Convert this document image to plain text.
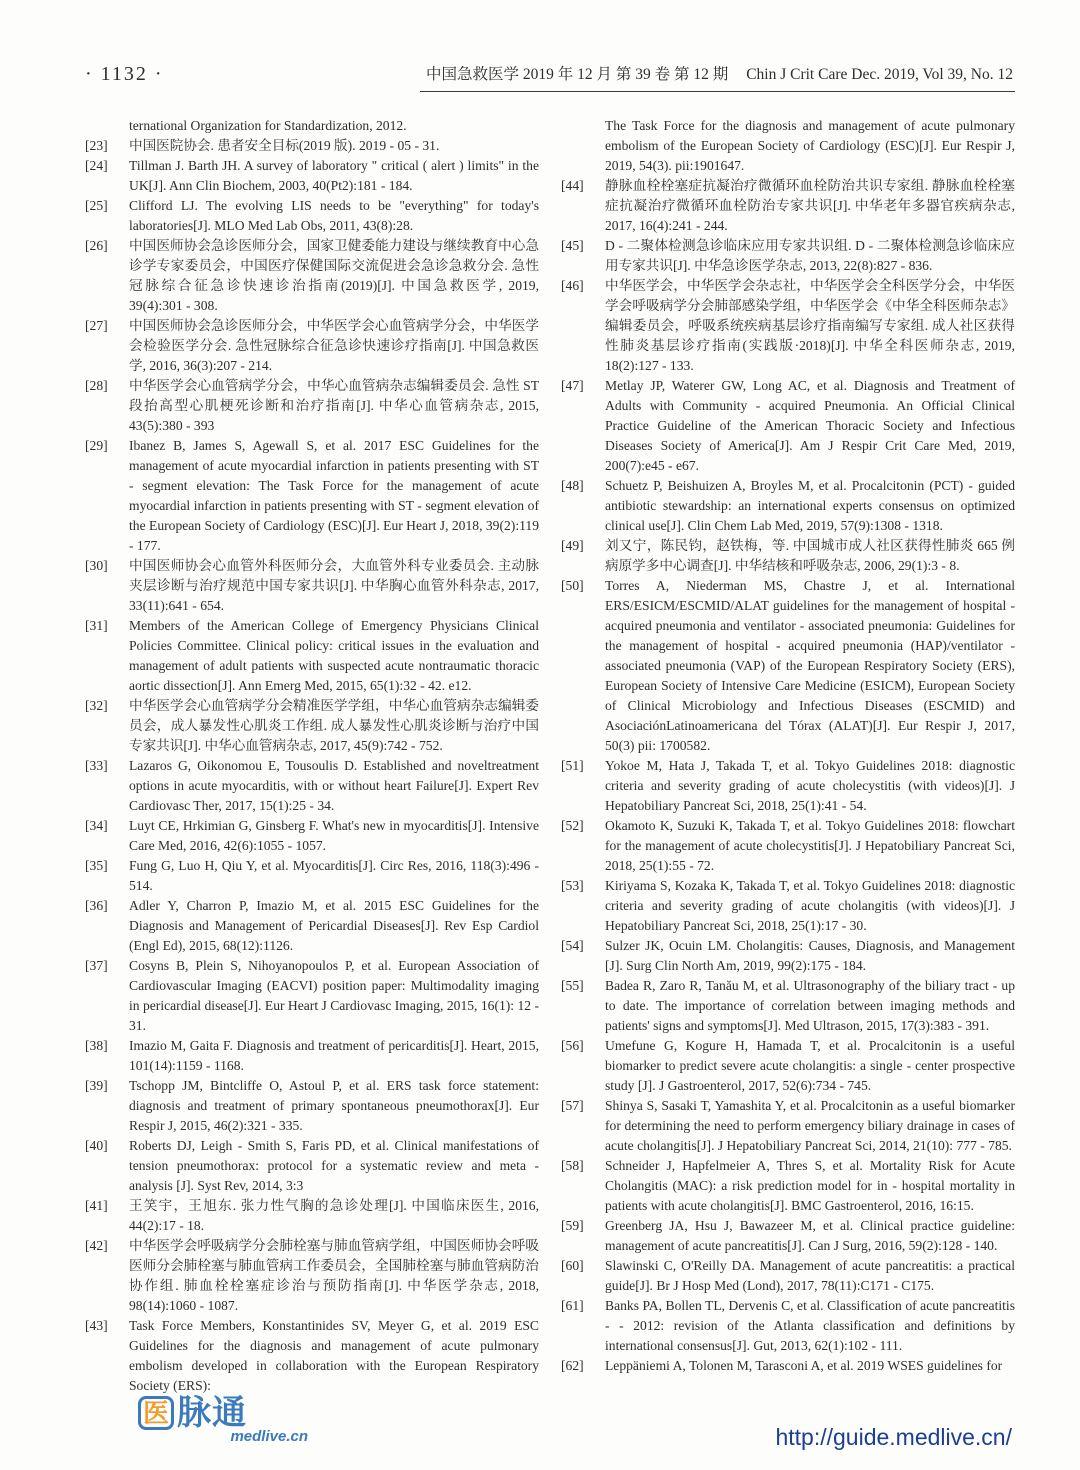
· 1132 ·	中国急救医学 2019 年 12 月 第 39 卷 第 12 期 Chin J Crit Care Dec. 2019, Vol 39, No. 12
ternational Organization for Standardization, 2012.
[23]	中国医院协会. 患者安全目标(2019 版). 2019 - 05 - 31.
[24]	Tillman J. Barth JH. A survey of laboratory " critical ( alert ) limits" in the UK[J]. Ann Clin Biochem, 2003, 40(Pt2):181 - 184.
[25]	Clifford LJ. The evolving LIS needs to be "everything" for today's laboratories[J]. MLO Med Lab Obs, 2011, 43(8):28.
[26]	中国医师协会急诊医师分会，国家卫健委能力建设与继续教育中心急诊学专家委员会，中国医疗保健国际交流促进会急诊急救分会. 急性冠脉综合征急诊快速诊治指南(2019)[J]. 中国急救医学, 2019, 39(4):301 - 308.
[27]	中国医师协会急诊医师分会，中华医学会心血管病学分会，中华医学会检验医学分会. 急性冠脉综合征急诊快速诊疗指南[J]. 中国急救医学, 2016, 36(3):207 - 214.
[28]	中华医学会心血管病学分会，中华心血管病杂志编辑委员会. 急性 ST 段抬高型心肌梗死诊断和治疗指南[J]. 中华心血管病杂志, 2015, 43(5):380 - 393
[29]	Ibanez B, James S, Agewall S, et al. 2017 ESC Guidelines for the management of acute myocardial infarction in patients presenting with ST - segment elevation: The Task Force for the management of acute myocardial infarction in patients presenting with ST - segment elevation of the European Society of Cardiology (ESC)[J]. Eur Heart J, 2018, 39(2):119 - 177.
[30]	中国医师协会心血管外科医师分会，大血管外科专业委员会. 主动脉夹层诊断与治疗规范中国专家共识[J]. 中华胸心血管外科杂志, 2017, 33(11):641 - 654.
[31]	Members of the American College of Emergency Physicians Clinical Policies Committee. Clinical policy: critical issues in the evaluation and management of adult patients with suspected acute nontraumatic thoracic aortic dissection[J]. Ann Emerg Med, 2015, 65(1):32 - 42. e12.
[32]	中华医学会心血管病学分会精准医学学组，中华心血管病杂志编辑委员会，成人暴发性心肌炎工作组. 成人暴发性心肌炎诊断与治疗中国专家共识[J]. 中华心血管病杂志, 2017, 45(9):742 - 752.
[33]	Lazaros G, Oikonomou E, Tousoulis D. Established and noveltreatment options in acute myocarditis, with or without heart Failure[J]. Expert Rev Cardiovasc Ther, 2017, 15(1):25 - 34.
[34]	Luyt CE, Hrkimian G, Ginsberg F. What's new in myocarditis[J]. Intensive Care Med, 2016, 42(6):1055 - 1057.
[35]	Fung G, Luo H, Qiu Y, et al. Myocarditis[J]. Circ Res, 2016, 118(3):496 - 514.
[36]	Adler Y, Charron P, Imazio M, et al. 2015 ESC Guidelines for the Diagnosis and Management of Pericardial Diseases[J]. Rev Esp Cardiol (Engl Ed), 2015, 68(12):1126.
[37]	Cosyns B, Plein S, Nihoyanopoulos P, et al. European Association of Cardiovascular Imaging (EACVI) position paper: Multimodality imaging in pericardial disease[J]. Eur Heart J Cardiovasc Imaging, 2015, 16(1): 12 - 31.
[38]	Imazio M, Gaita F. Diagnosis and treatment of pericarditis[J]. Heart, 2015, 101(14):1159 - 1168.
[39]	Tschopp JM, Bintcliffe O, Astoul P, et al. ERS task force statement: diagnosis and treatment of primary spontaneous pneumothorax[J]. Eur Respir J, 2015, 46(2):321 - 335.
[40]	Roberts DJ, Leigh - Smith S, Faris PD, et al. Clinical manifestations of tension pneumothorax: protocol for a systematic review and meta - analysis [J]. Syst Rev, 2014, 3:3
[41]	王笑宇，王旭东. 张力性气胸的急诊处理[J]. 中国临床医生, 2016, 44(2):17 - 18.
[42]	中华医学会呼吸病学分会肺栓塞与肺血管病学组，中国医师协会呼吸医师分会肺栓塞与肺血管病工作委员会，全国肺栓塞与肺血管病防治协作组. 肺血栓栓塞症诊治与预防指南[J]. 中华医学杂志, 2018, 98(14):1060 - 1087.
[43]	Task Force Members, Konstantinides SV, Meyer G, et al. 2019 ESC Guidelines for the diagnosis and management of acute pulmonary embolism developed in collaboration with the European Respiratory Society (ERS):
The Task Force for the diagnosis and management of acute pulmonary embolism of the European Society of Cardiology (ESC)[J]. Eur Respir J, 2019, 54(3). pii:1901647.
[44]	静脉血栓栓塞症抗凝治疗微循环血栓防治共识专家组. 静脉血栓栓塞症抗凝治疗微循环血栓防治专家共识[J]. 中华老年多器官疾病杂志, 2017, 16(4):241 - 244.
[45]	D - 二聚体检测急诊临床应用专家共识组. D - 二聚体检测急诊临床应用专家共识[J]. 中华急诊医学杂志, 2013, 22(8):827 - 836.
[46]	中华医学会，中华医学会杂志社，中华医学会全科医学分会，中华医学会呼吸病学分会肺部感染学组，中华医学会《中华全科医师杂志》编辑委员会，呼吸系统疾病基层诊疗指南编写专家组. 成人社区获得性肺炎基层诊疗指南(实践版·2018)[J]. 中华全科医师杂志, 2019, 18(2):127 - 133.
[47]	Metlay JP, Waterer GW, Long AC, et al. Diagnosis and Treatment of Adults with Community - acquired Pneumonia. An Official Clinical Practice Guideline of the American Thoracic Society and Infectious Diseases Society of America[J]. Am J Respir Crit Care Med, 2019, 200(7):e45 - e67.
[48]	Schuetz P, Beishuizen A, Broyles M, et al. Procalcitonin (PCT) - guided antibiotic stewardship: an international experts consensus on optimized clinical use[J]. Clin Chem Lab Med, 2019, 57(9):1308 - 1318.
[49]	刘又宁，陈民钧，赵铁梅，等. 中国城市成人社区获得性肺炎 665 例病原学多中心调查[J]. 中华结核和呼吸杂志, 2006, 29(1):3 - 8.
[50]	Torres A, Niederman MS, Chastre J, et al. International ERS/ESICM/ESCMID/ALAT guidelines for the management of hospital - acquired pneumonia and ventilator - associated pneumonia: Guidelines for the management of hospital - acquired pneumonia (HAP)/ventilator - associated pneumonia (VAP) of the European Respiratory Society (ERS), European Society of Intensive Care Medicine (ESICM), European Society of Clinical Microbiology and Infectious Diseases (ESCMID) and AsociaciónLatinoamericana del Tórax (ALAT)[J]. Eur Respir J, 2017, 50(3) pii: 1700582.
[51]	Yokoe M, Hata J, Takada T, et al. Tokyo Guidelines 2018: diagnostic criteria and severity grading of acute cholecystitis (with videos)[J]. J Hepatobiliary Pancreat Sci, 2018, 25(1):41 - 54.
[52]	Okamoto K, Suzuki K, Takada T, et al. Tokyo Guidelines 2018: flowchart for the management of acute cholecystitis[J]. J Hepatobiliary Pancreat Sci, 2018, 25(1):55 - 72.
[53]	Kiriyama S, Kozaka K, Takada T, et al. Tokyo Guidelines 2018: diagnostic criteria and severity grading of acute cholangitis (with videos)[J]. J Hepatobiliary Pancreat Sci, 2018, 25(1):17 - 30.
[54]	Sulzer JK, Ocuin LM. Cholangitis: Causes, Diagnosis, and Management [J]. Surg Clin North Am, 2019, 99(2):175 - 184.
[55]	Badea R, Zaro R, Tanău M, et al. Ultrasonography of the biliary tract - up to date. The importance of correlation between imaging methods and patients' signs and symptoms[J]. Med Ultrason, 2015, 17(3):383 - 391.
[56]	Umefune G, Kogure H, Hamada T, et al. Procalcitonin is a useful biomarker to predict severe acute cholangitis: a single - center prospective study [J]. J Gastroenterol, 2017, 52(6):734 - 745.
[57]	Shinya S, Sasaki T, Yamashita Y, et al. Procalcitonin as a useful biomarker for determining the need to perform emergency biliary drainage in cases of acute cholangitis[J]. J Hepatobiliary Pancreat Sci, 2014, 21(10): 777 - 785.
[58]	Schneider J, Hapfelmeier A, Thres S, et al. Mortality Risk for Acute Cholangitis (MAC): a risk prediction model for in - hospital mortality in patients with acute cholangitis[J]. BMC Gastroenterol, 2016, 16:15.
[59]	Greenberg JA, Hsu J, Bawazeer M, et al. Clinical practice guideline: management of acute pancreatitis[J]. Can J Surg, 2016, 59(2):128 - 140.
[60]	Slawinski C, O'Reilly DA. Management of acute pancreatitis: a practical guide[J]. Br J Hosp Med (Lond), 2017, 78(11):C171 - C175.
[61]	Banks PA, Bollen TL, Dervenis C, et al. Classification of acute pancreatitis - - 2012: revision of the Atlanta classification and definitions by international consensus[J]. Gut, 2013, 62(1):102 - 111.
[62]	Leppäniemi A, Tolonen M, Tarasconi A, et al. 2019 WSES guidelines for
医 脉通
medlive.cn	http://guide.medlive.cn/
